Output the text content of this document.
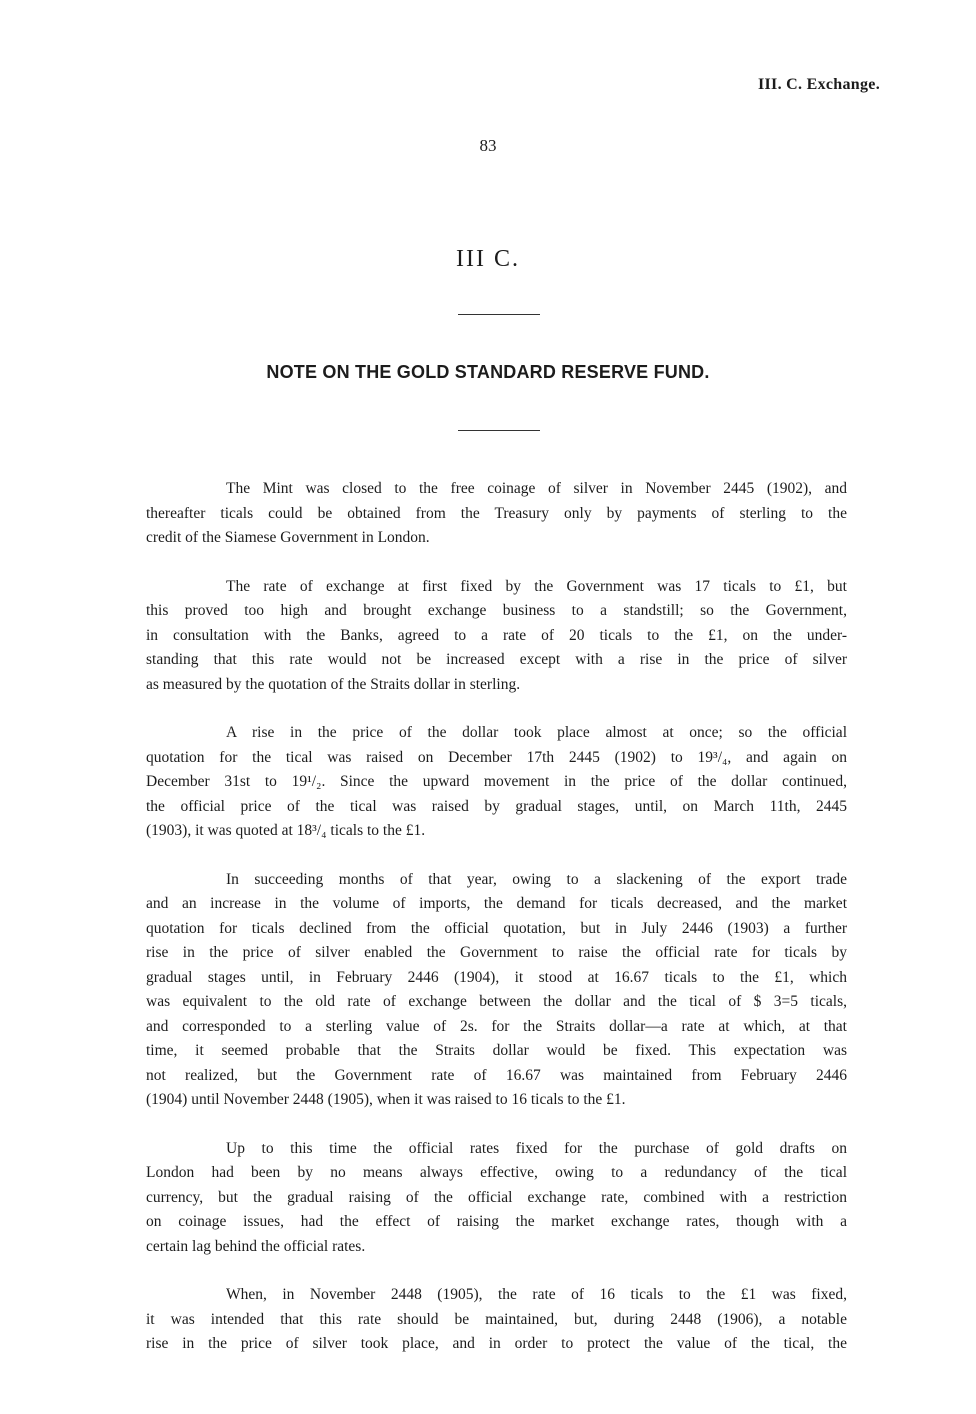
III. C. Exchange.
83
III C.
NOTE ON THE GOLD STANDARD RESERVE FUND.

The Mint was closed to the free coinage of silver in November 2445 (1902), and
thereafter ticals could be obtained from the Treasury only by payments of sterling to the
credit of the Siamese Government in London.

The rate of exchange at first fixed by the Government was 17 ticals to £1, but
this proved too high and brought exchange business to a standstill; so the Government,
in consultation with the Banks, agreed to a rate of 20 ticals to the £1, on the under-
standing that this rate would not be increased except with a rise in the price of silver
as measured by the quotation of the Straits dollar in sterling.

A rise in the price of the dollar took place almost at once; so the official
quotation for the tical was raised on December 17th 2445 (1902) to 19³/₄, and again on
December 31st to 19¹/₂. Since the upward movement in the price of the dollar continued,
the official price of the tical was raised by gradual stages, until, on March 11th, 2445
(1903), it was quoted at 18³/₄ ticals to the £1.

In succeeding months of that year, owing to a slackening of the export trade
and an increase in the volume of imports, the demand for ticals decreased, and the market
quotation for ticals declined from the official quotation, but in July 2446 (1903) a further
rise in the price of silver enabled the Government to raise the official rate for ticals by
gradual stages until, in February 2446 (1904), it stood at 16.67 ticals to the £1, which
was equivalent to the old rate of exchange between the dollar and the tical of $ 3=5 ticals,
and corresponded to a sterling value of 2s. for the Straits dollar—a rate at which, at that
time, it seemed probable that the Straits dollar would be fixed. This expectation was
not realized, but the Government rate of 16.67 was maintained from February 2446
(1904) until November 2448 (1905), when it was raised to 16 ticals to the £1.

Up to this time the official rates fixed for the purchase of gold drafts on
London had been by no means always effective, owing to a redundancy of the tical
currency, but the gradual raising of the official exchange rate, combined with a restriction
on coinage issues, had the effect of raising the market exchange rates, though with a
certain lag behind the official rates.

When, in November 2448 (1905), the rate of 16 ticals to the £1 was fixed,
it was intended that this rate should be maintained, but, during 2448 (1906), a notable
rise in the price of silver took place, and in order to protect the value of the tical, the
